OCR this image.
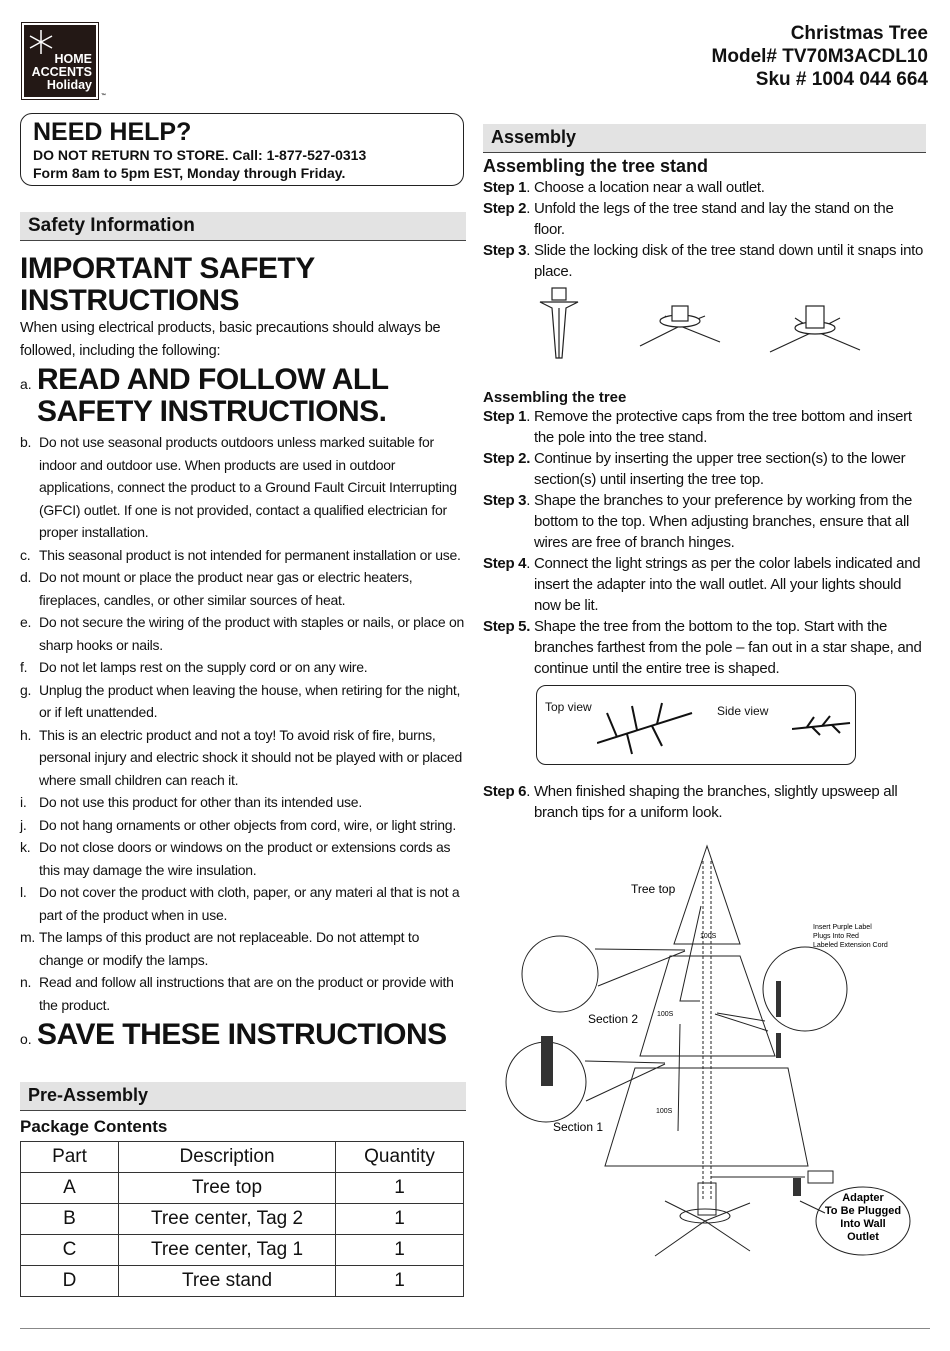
HOME
ACCENTS
Holiday
™
Christmas Tree
Model# TV70M3ACDL10
Sku # 1004 044 664
NEED HELP?

DO NOT RETURN TO STORE. Call: 1-877-527-0313

Form 8am to 5pm EST, Monday through Friday.

Safety Information
IMPORTANT SAFETY
INSTRUCTIONS
When using electrical products, basic precautions should always be followed, including the following:
a. READ AND FOLLOW ALL
SAFETY INSTRUCTIONS.
b. Do not use seasonal products outdoors unless marked suitable for indoor and outdoor use. When products are used in outdoor applications, connect the product to a Ground Fault Circuit Interrupting (GFCI) outlet. If one is not provided, contact a qualified electrician for proper installation.
c. This seasonal product is not intended for permanent installation or use.
d. Do not mount or place the product near gas or electric heaters, fireplaces, candles, or other similar sources of heat.
e. Do not secure the wiring of the product with staples or nails, or place on sharp hooks or nails.
f. Do not let lamps rest on the supply cord or on any wire.
g. Unplug the product when leaving the house, when retiring for the night, or if left unattended.
h. This is an electric product and not a toy! To avoid risk of fire, burns, personal injury and electric shock it should not be played with or placed where small children can reach it.
i. Do not use this product for other than its intended use.
j. Do not hang ornaments or other objects from cord, wire, or light string.
k. Do not close doors or windows on the product or extensions cords as this may damage the wire insulation.
l. Do not cover the product with cloth, paper, or any materi al that is not a part of the product when in use.
m. The lamps of this product are not replaceable. Do not attempt to change or modify the lamps.
n. Read and follow all instructions that are on the product or provide with the product.
o. SAVE THESE INSTRUCTIONS
Pre-Assembly
Package Contents
Part	Description	Quantity
A	Tree top	1
B	Tree center, Tag 2	1
C	Tree center, Tag 1	1
D	Tree stand	1
Assembly
Assembling the tree stand
Step 1. Choose a location near a wall outlet.
Step 2. Unfold the legs of the tree stand and lay the stand on the floor.
Step 3. Slide the locking disk of the tree stand down until it snaps into place.
Assembling the tree
Step 1. Remove the protective caps from the tree bottom and insert the pole into the tree stand.
Step 2. Continue by inserting the upper tree section(s) to the lower section(s) until inserting the tree top.
Step 3. Shape the branches to your preference by working from the bottom to the top. When adjusting branches, ensure that all wires are free of branch hinges.
Step 4. Connect the light strings as per the color labels indicated and insert the adapter into the wall outlet. All your lights should now be lit.
Step 5. Shape the tree from the bottom to the top. Start with the branches farthest from the pole – fan out in a star shape, and continue until the entire tree is shaped.
Top view	Side view
Step 6. When finished shaping the branches, slightly upsweep all branch tips for a uniform look.
Tree top
100S
100S
100S
Section 2
Section 1
Insert Purple Label
Plugs Into Red
Labeled Extension Cord
Adapter
To Be Plugged
Into Wall
Outlet
